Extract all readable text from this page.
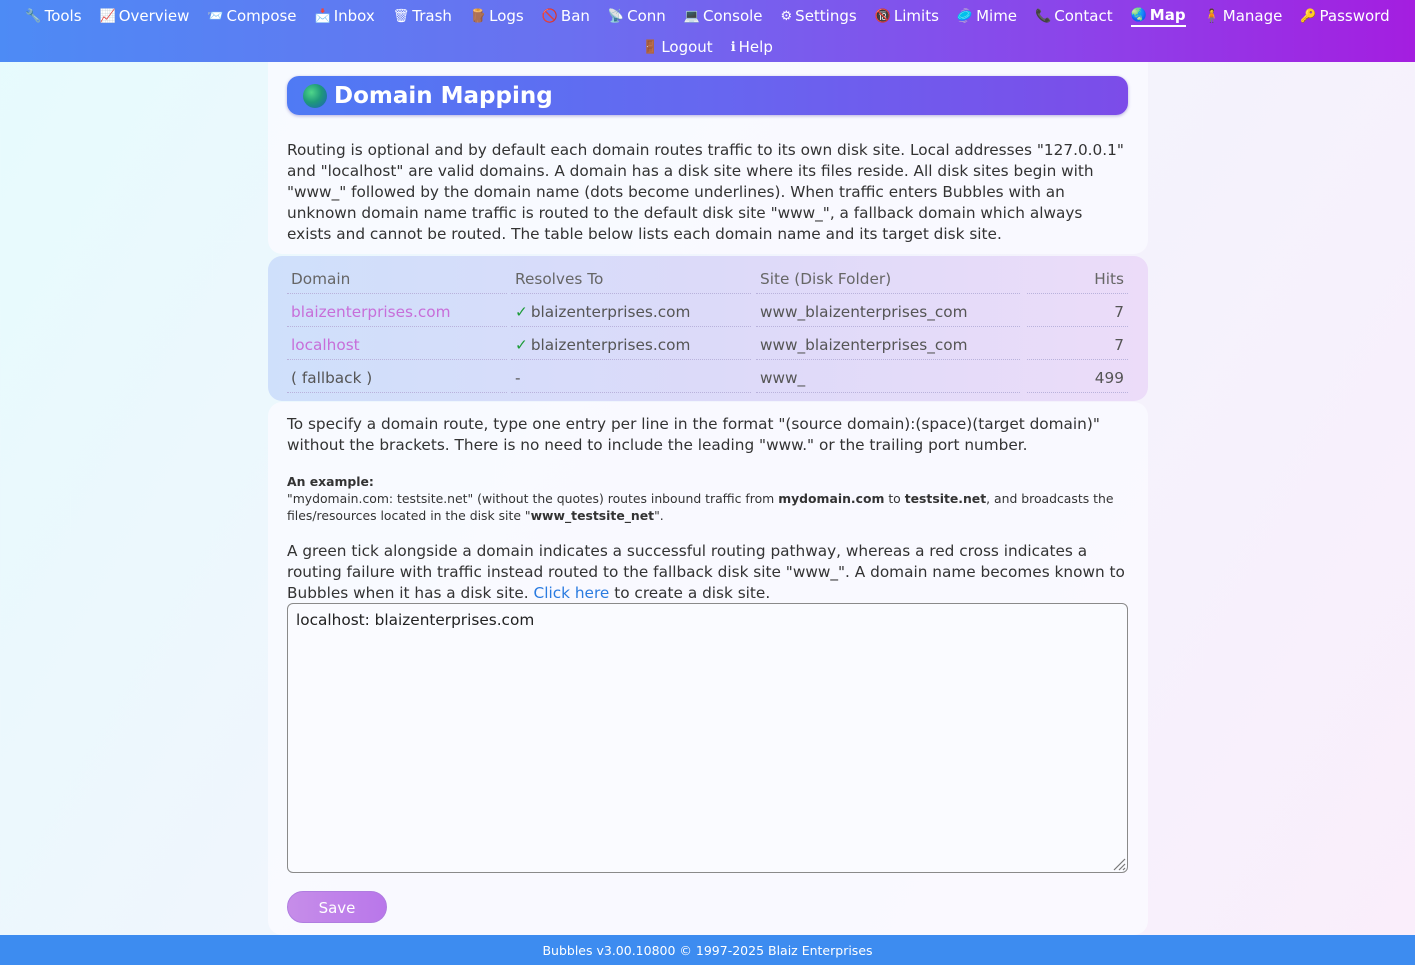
🔧 Tools 📈 Overview 📨 Compose 📩 Inbox 🗑 Trash 🪵 Logs 🚫 Ban 📡 Conn 💻 Console ⚙ Settings 🔞 Limits 🥏 Mime 📞 Contact 🌏 Map 🧍 Manage 🔑 Password
🚪 Logout ℹ Help
Domain Mapping
Routing is optional and by default each domain routes traffic to its own disk site. Local addresses "127.0.0.1" and "localhost" are valid domains. A domain has a disk site where its files reside. All disk sites begin with "www_" followed by the domain name (dots become underlines). When traffic enters Bubbles with an unknown domain name traffic is routed to the default disk site "www_", a fallback domain which always exists and cannot be routed. The table below lists each domain name and its target disk site.
Domain	Resolves To	Site (Disk Folder)	Hits
blaizenterprises.com	✓ blaizenterprises.com	www_blaizenterprises_com	7
localhost	✓ blaizenterprises.com	www_blaizenterprises_com	7
( fallback )	-	www_	499
To specify a domain route, type one entry per line in the format "(source domain):(space)(target domain)" without the brackets. There is no need to include the leading "www." or the trailing port number.
An example:
"mydomain.com: testsite.net" (without the quotes) routes inbound traffic from mydomain.com to testsite.net, and broadcasts the files/resources located in the disk site "www_testsite_net".
A green tick alongside a domain indicates a successful routing pathway, whereas a red cross indicates a routing failure with traffic instead routed to the fallback disk site "www_". A domain name becomes known to Bubbles when it has a disk site. Click here to create a disk site.
localhost: blaizenterprises.com
Save
Bubbles v3.00.10800 © 1997-2025 Blaiz Enterprises
